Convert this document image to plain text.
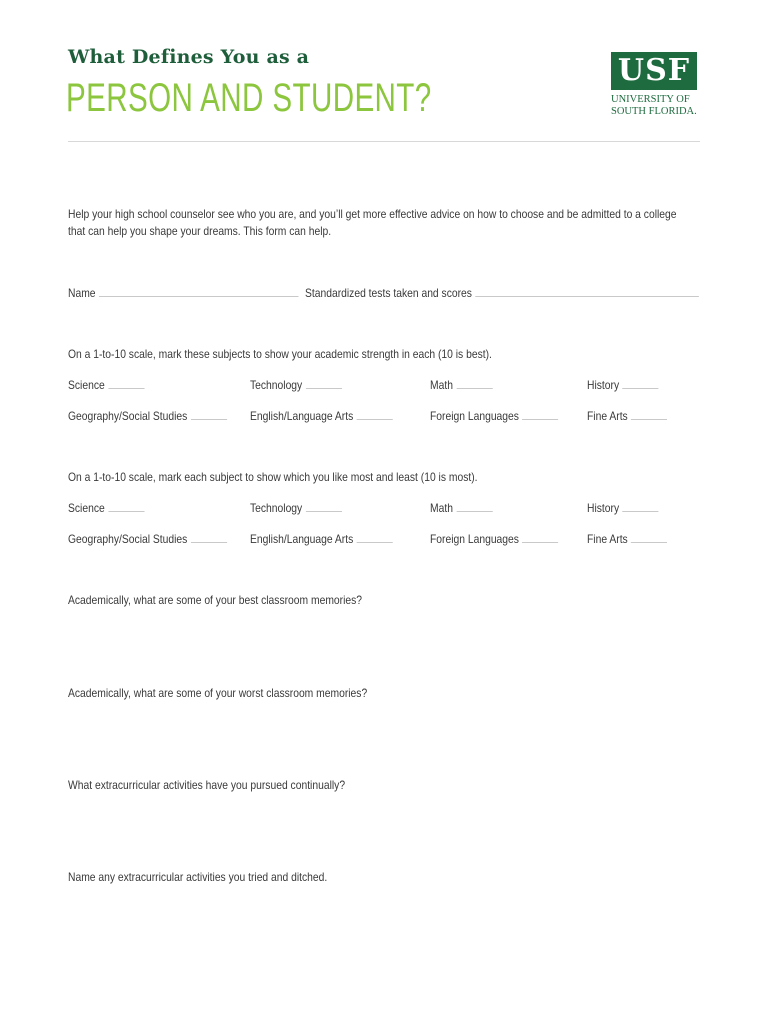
What Defines You as a
PERSON AND STUDENT?
USF
UNIVERSITY OF
SOUTH FLORIDA.
Help your high school counselor see who you are, and you’ll get more effective advice on how to choose and be admitted to a college that can help you shape your dreams. This form can help.
Name	Standardized tests taken and scores
On a 1-to-10 scale, mark these subjects to show your academic strength in each (10 is best).
Science	Technology	Math	History
Geography/Social Studies	English/Language Arts	Foreign Languages	Fine Arts
On a 1-to-10 scale, mark each subject to show which you like most and least (10 is most).
Science	Technology	Math	History
Geography/Social Studies	English/Language Arts	Foreign Languages	Fine Arts
Academically, what are some of your best classroom memories?
Academically, what are some of your worst classroom memories?
What extracurricular activities have you pursued continually?
Name any extracurricular activities you tried and ditched.
